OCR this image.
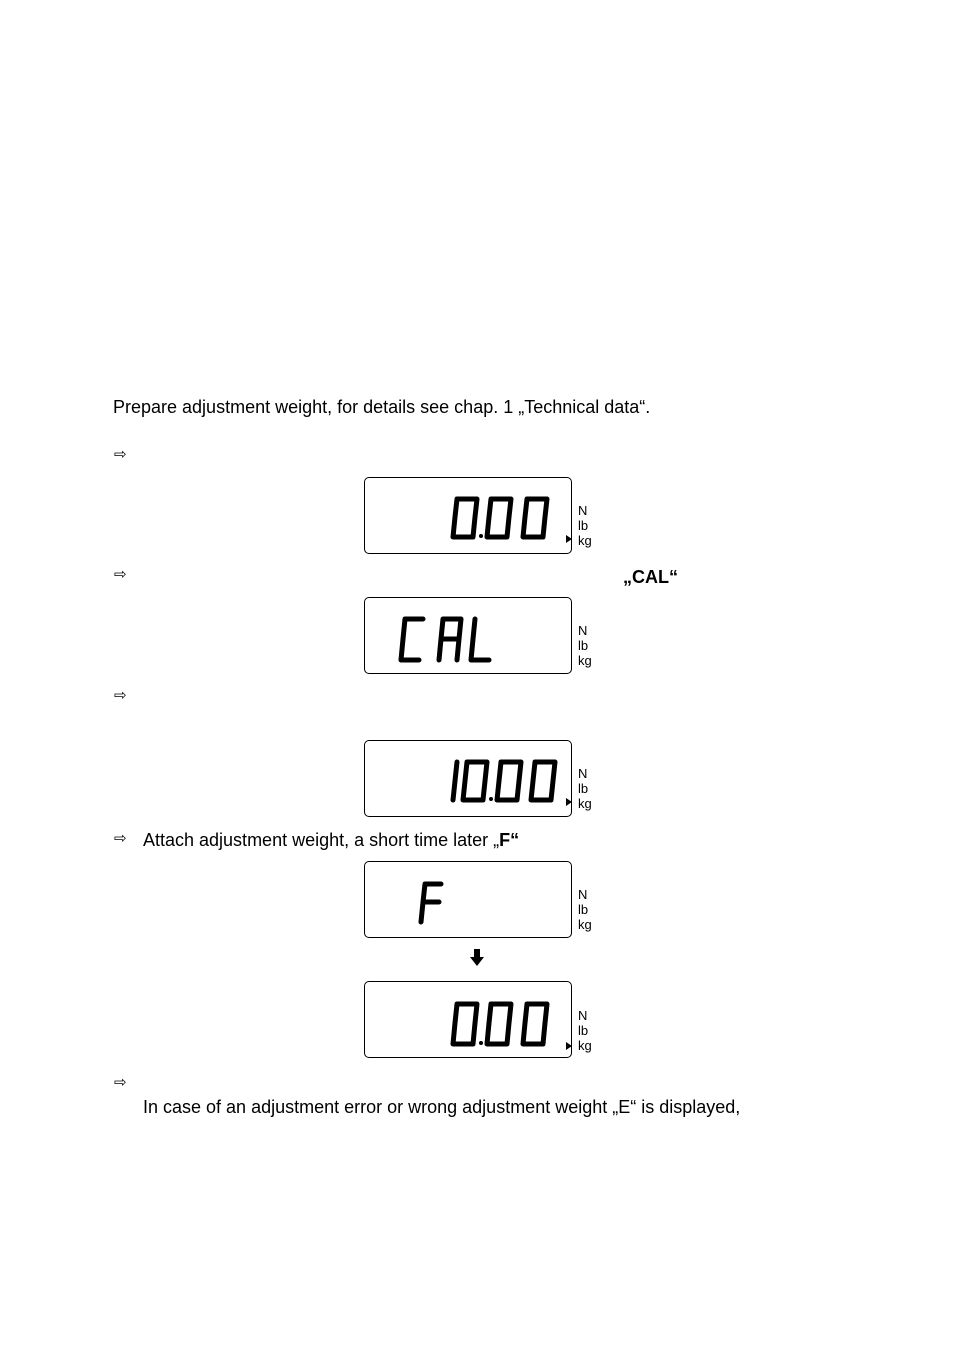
Prepare adjustment weight, for details see chap. 1 „Technical data“.
⇨
N
lb
kg
⇨	„CAL“
N
lb
kg
⇨
N
lb
kg
⇨ Attach adjustment weight, a short time later „F“
N
lb
kg
N
lb
kg
⇨
In case of an adjustment error or wrong adjustment weight „E“ is displayed,
